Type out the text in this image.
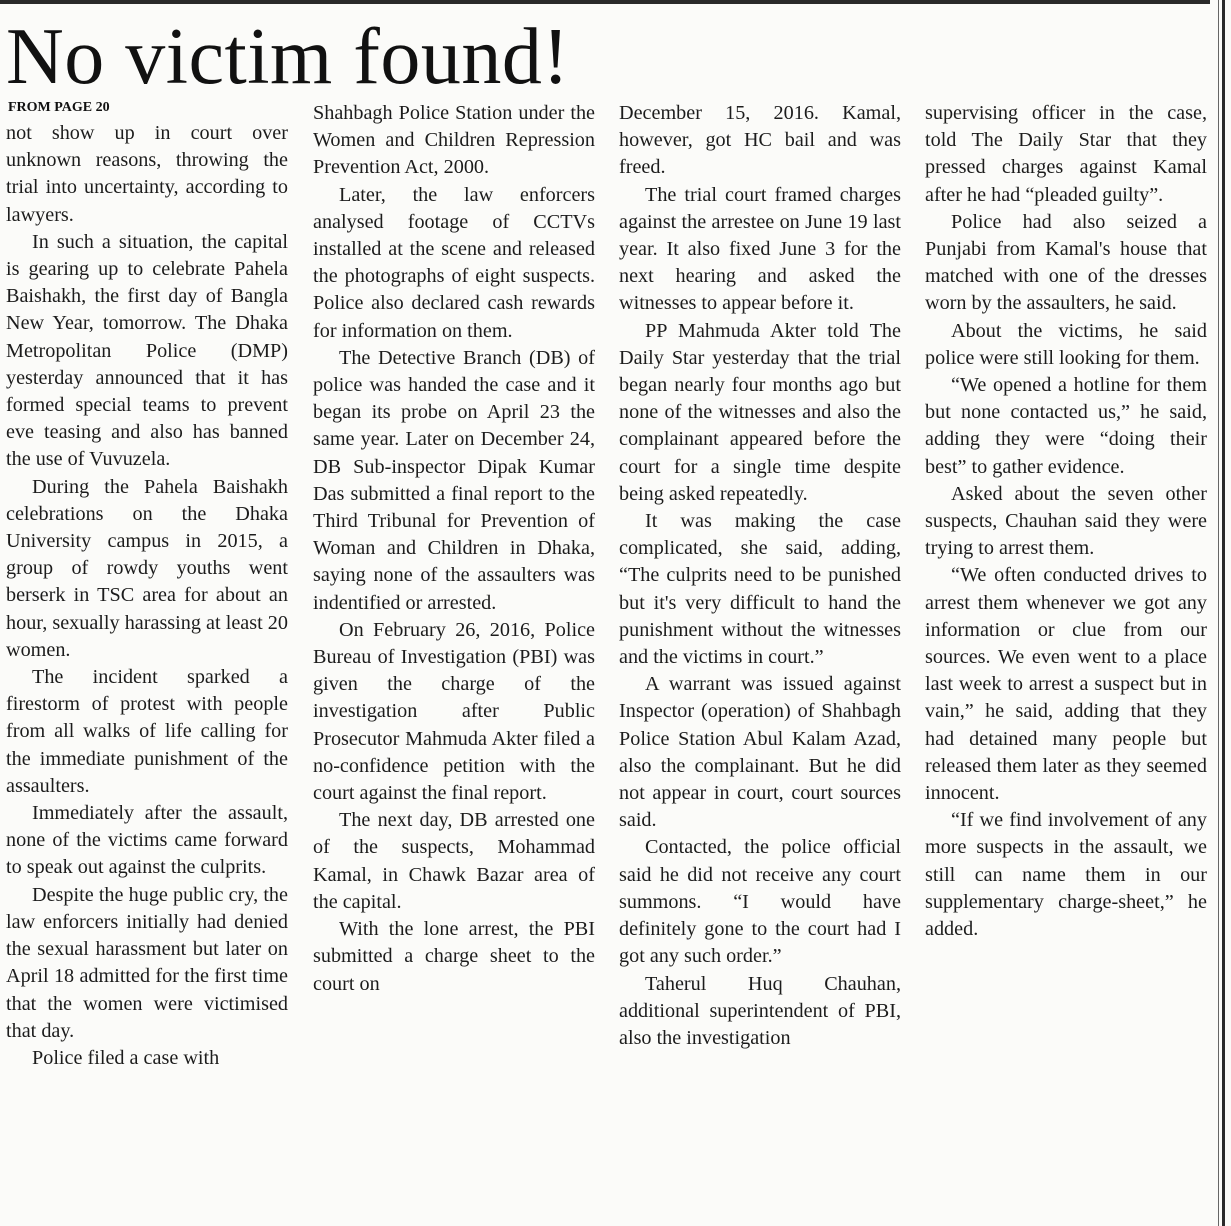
No victim found!
FROM PAGE 20

not show up in court over unknown reasons, throwing the trial into uncertainty, according to lawyers.

In such a situation, the capital is gearing up to celebrate Pahela Baishakh, the first day of Bangla New Year, tomorrow. The Dhaka Metropolitan Police (DMP) yesterday announced that it has formed special teams to prevent eve teasing and also has banned the use of Vuvuzela.

During the Pahela Baishakh celebrations on the Dhaka University campus in 2015, a group of rowdy youths went berserk in TSC area for about an hour, sexually harassing at least 20 women.

The incident sparked a firestorm of protest with people from all walks of life calling for the immediate punishment of the assaulters.

Immediately after the assault, none of the victims came forward to speak out against the culprits.

Despite the huge public cry, the law enforcers initially had denied the sexual harassment but later on April 18 admitted for the first time that the women were victimised that day.

Police filed a case with

Shahbagh Police Station under the Women and Children Repression Prevention Act, 2000.

Later, the law enforcers analysed footage of CCTVs installed at the scene and released the photographs of eight suspects. Police also declared cash rewards for information on them.

The Detective Branch (DB) of police was handed the case and it began its probe on April 23 the same year. Later on December 24, DB Sub-inspector Dipak Kumar Das submitted a final report to the Third Tribunal for Prevention of Woman and Children in Dhaka, saying none of the assaulters was indentified or arrested.

On February 26, 2016, Police Bureau of Investigation (PBI) was given the charge of the investigation after Public Prosecutor Mahmuda Akter filed a no-confidence petition with the court against the final report.

The next day, DB arrested one of the suspects, Mohammad Kamal, in Chawk Bazar area of the capital.

With the lone arrest, the PBI submitted a charge sheet to the court on

December 15, 2016. Kamal, however, got HC bail and was freed.

The trial court framed charges against the arrestee on June 19 last year. It also fixed June 3 for the next hearing and asked the witnesses to appear before it.

PP Mahmuda Akter told The Daily Star yesterday that the trial began nearly four months ago but none of the witnesses and also the complainant appeared before the court for a single time despite being asked repeatedly.

It was making the case complicated, she said, adding, “The culprits need to be punished but it's very difficult to hand the punishment without the witnesses and the victims in court.”

A warrant was issued against Inspector (operation) of Shahbagh Police Station Abul Kalam Azad, also the complainant. But he did not appear in court, court sources said.

Contacted, the police official said he did not receive any court summons. “I would have definitely gone to the court had I got any such order.”

Taherul Huq Chauhan, additional superintendent of PBI, also the investigation

supervising officer in the case, told The Daily Star that they pressed charges against Kamal after he had “pleaded guilty”.

Police had also seized a Punjabi from Kamal's house that matched with one of the dresses worn by the assaulters, he said.

About the victims, he said police were still looking for them.

“We opened a hotline for them but none contacted us,” he said, adding they were “doing their best” to gather evidence.

Asked about the seven other suspects, Chauhan said they were trying to arrest them.

“We often conducted drives to arrest them whenever we got any information or clue from our sources. We even went to a place last week to arrest a suspect but in vain,” he said, adding that they had detained many people but released them later as they seemed innocent.

“If we find involvement of any more suspects in the assault, we still can name them in our supplementary charge-sheet,” he added.
